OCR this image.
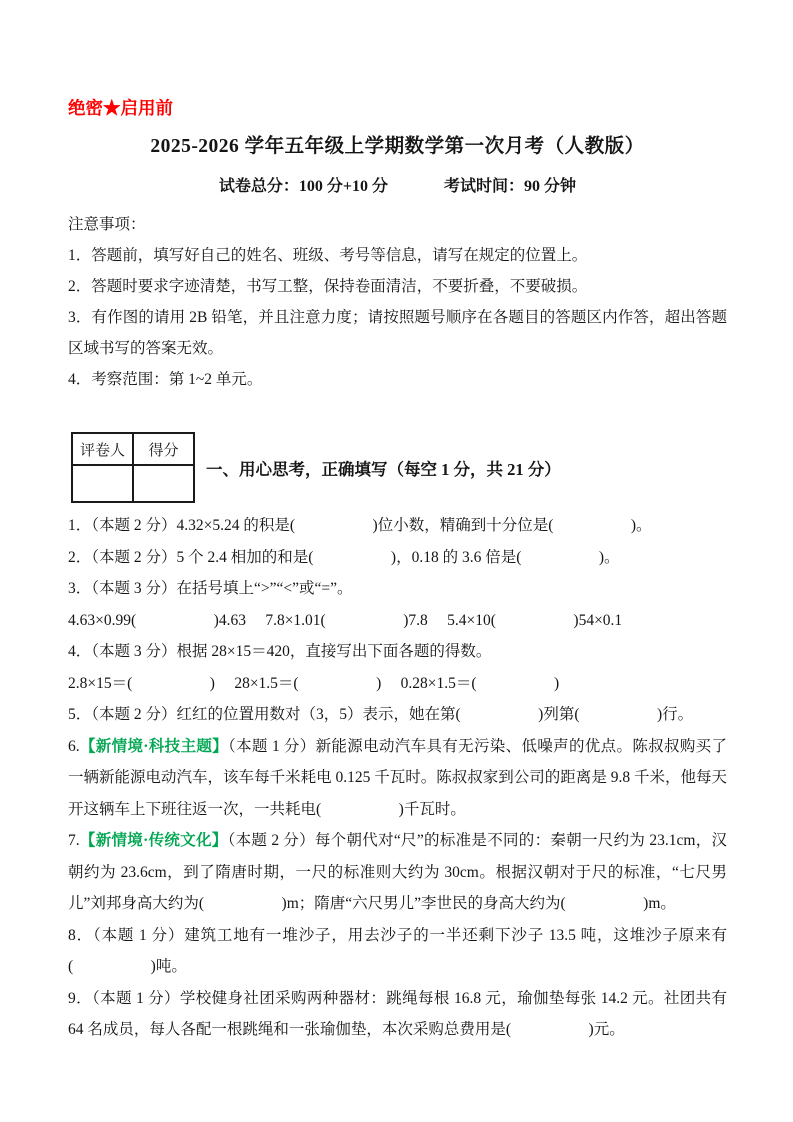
绝密★启用前
2025-2026 学年五年级上学期数学第一次月考（人教版）
试卷总分：100 分+10 分	考试时间：90 分钟

注意事项：

1．答题前，填写好自己的姓名、班级、考号等信息，请写在规定的位置上。

2．答题时要求字迹清楚，书写工整，保持卷面清洁，不要折叠，不要破损。

3．有作图的请用 2B 铅笔，并且注意力度；请按照题号顺序在各题目的答题区内作答，超出答题区域书写的答案无效。

4．考察范围：第 1~2 单元。

评卷人	得分

一、用心思考，正确填写（每空 1 分，共 21 分）

1．（本题 2 分）4.32×5.24 的积是(　　　　　)位小数，精确到十分位是(　　　　　)。

2．（本题 2 分）5 个 2.4 相加的和是(　　　　　)，0.18 的 3.6 倍是(　　　　　)。

3．（本题 3 分）在括号填上“>”“<”或“=”。

4.63×0.99(　　　　　)4.63　 7.8×1.01(　　　　　)7.8　 5.4×10(　　　　　)54×0.1

4．（本题 3 分）根据 28×15＝420，直接写出下面各题的得数。

2.8×15＝(　　　　　)　 28×1.5＝(　　　　　)　 0.28×1.5＝(　　　　　)

5．（本题 2 分）红红的位置用数对（3，5）表示，她在第(　　　　　)列第(　　　　　)行。

6.【新情境·科技主题】（本题 1 分）新能源电动汽车具有无污染、低噪声的优点。陈叔叔购买了一辆新能源电动汽车，该车每千米耗电 0.125 千瓦时。陈叔叔家到公司的距离是 9.8 千米，他每天开这辆车上下班往返一次，一共耗电(　　　　　)千瓦时。

7.【新情境·传统文化】（本题 2 分）每个朝代对“尺”的标准是不同的：秦朝一尺约为 23.1cm，汉朝约为 23.6cm，到了隋唐时期，一尺的标准则大约为 30cm。根据汉朝对于尺的标准，“七尺男儿”刘邦身高大约为(　　　　　)m；隋唐“六尺男儿”李世民的身高大约为(　　　　　)m。

8．（本题 1 分）建筑工地有一堆沙子，用去沙子的一半还剩下沙子 13.5 吨，这堆沙子原来有(　　　　　)吨。

9．（本题 1 分）学校健身社团采购两种器材：跳绳每根 16.8 元，瑜伽垫每张 14.2 元。社团共有 64 名成员，每人各配一根跳绳和一张瑜伽垫，本次采购总费用是(　　　　　)元。
